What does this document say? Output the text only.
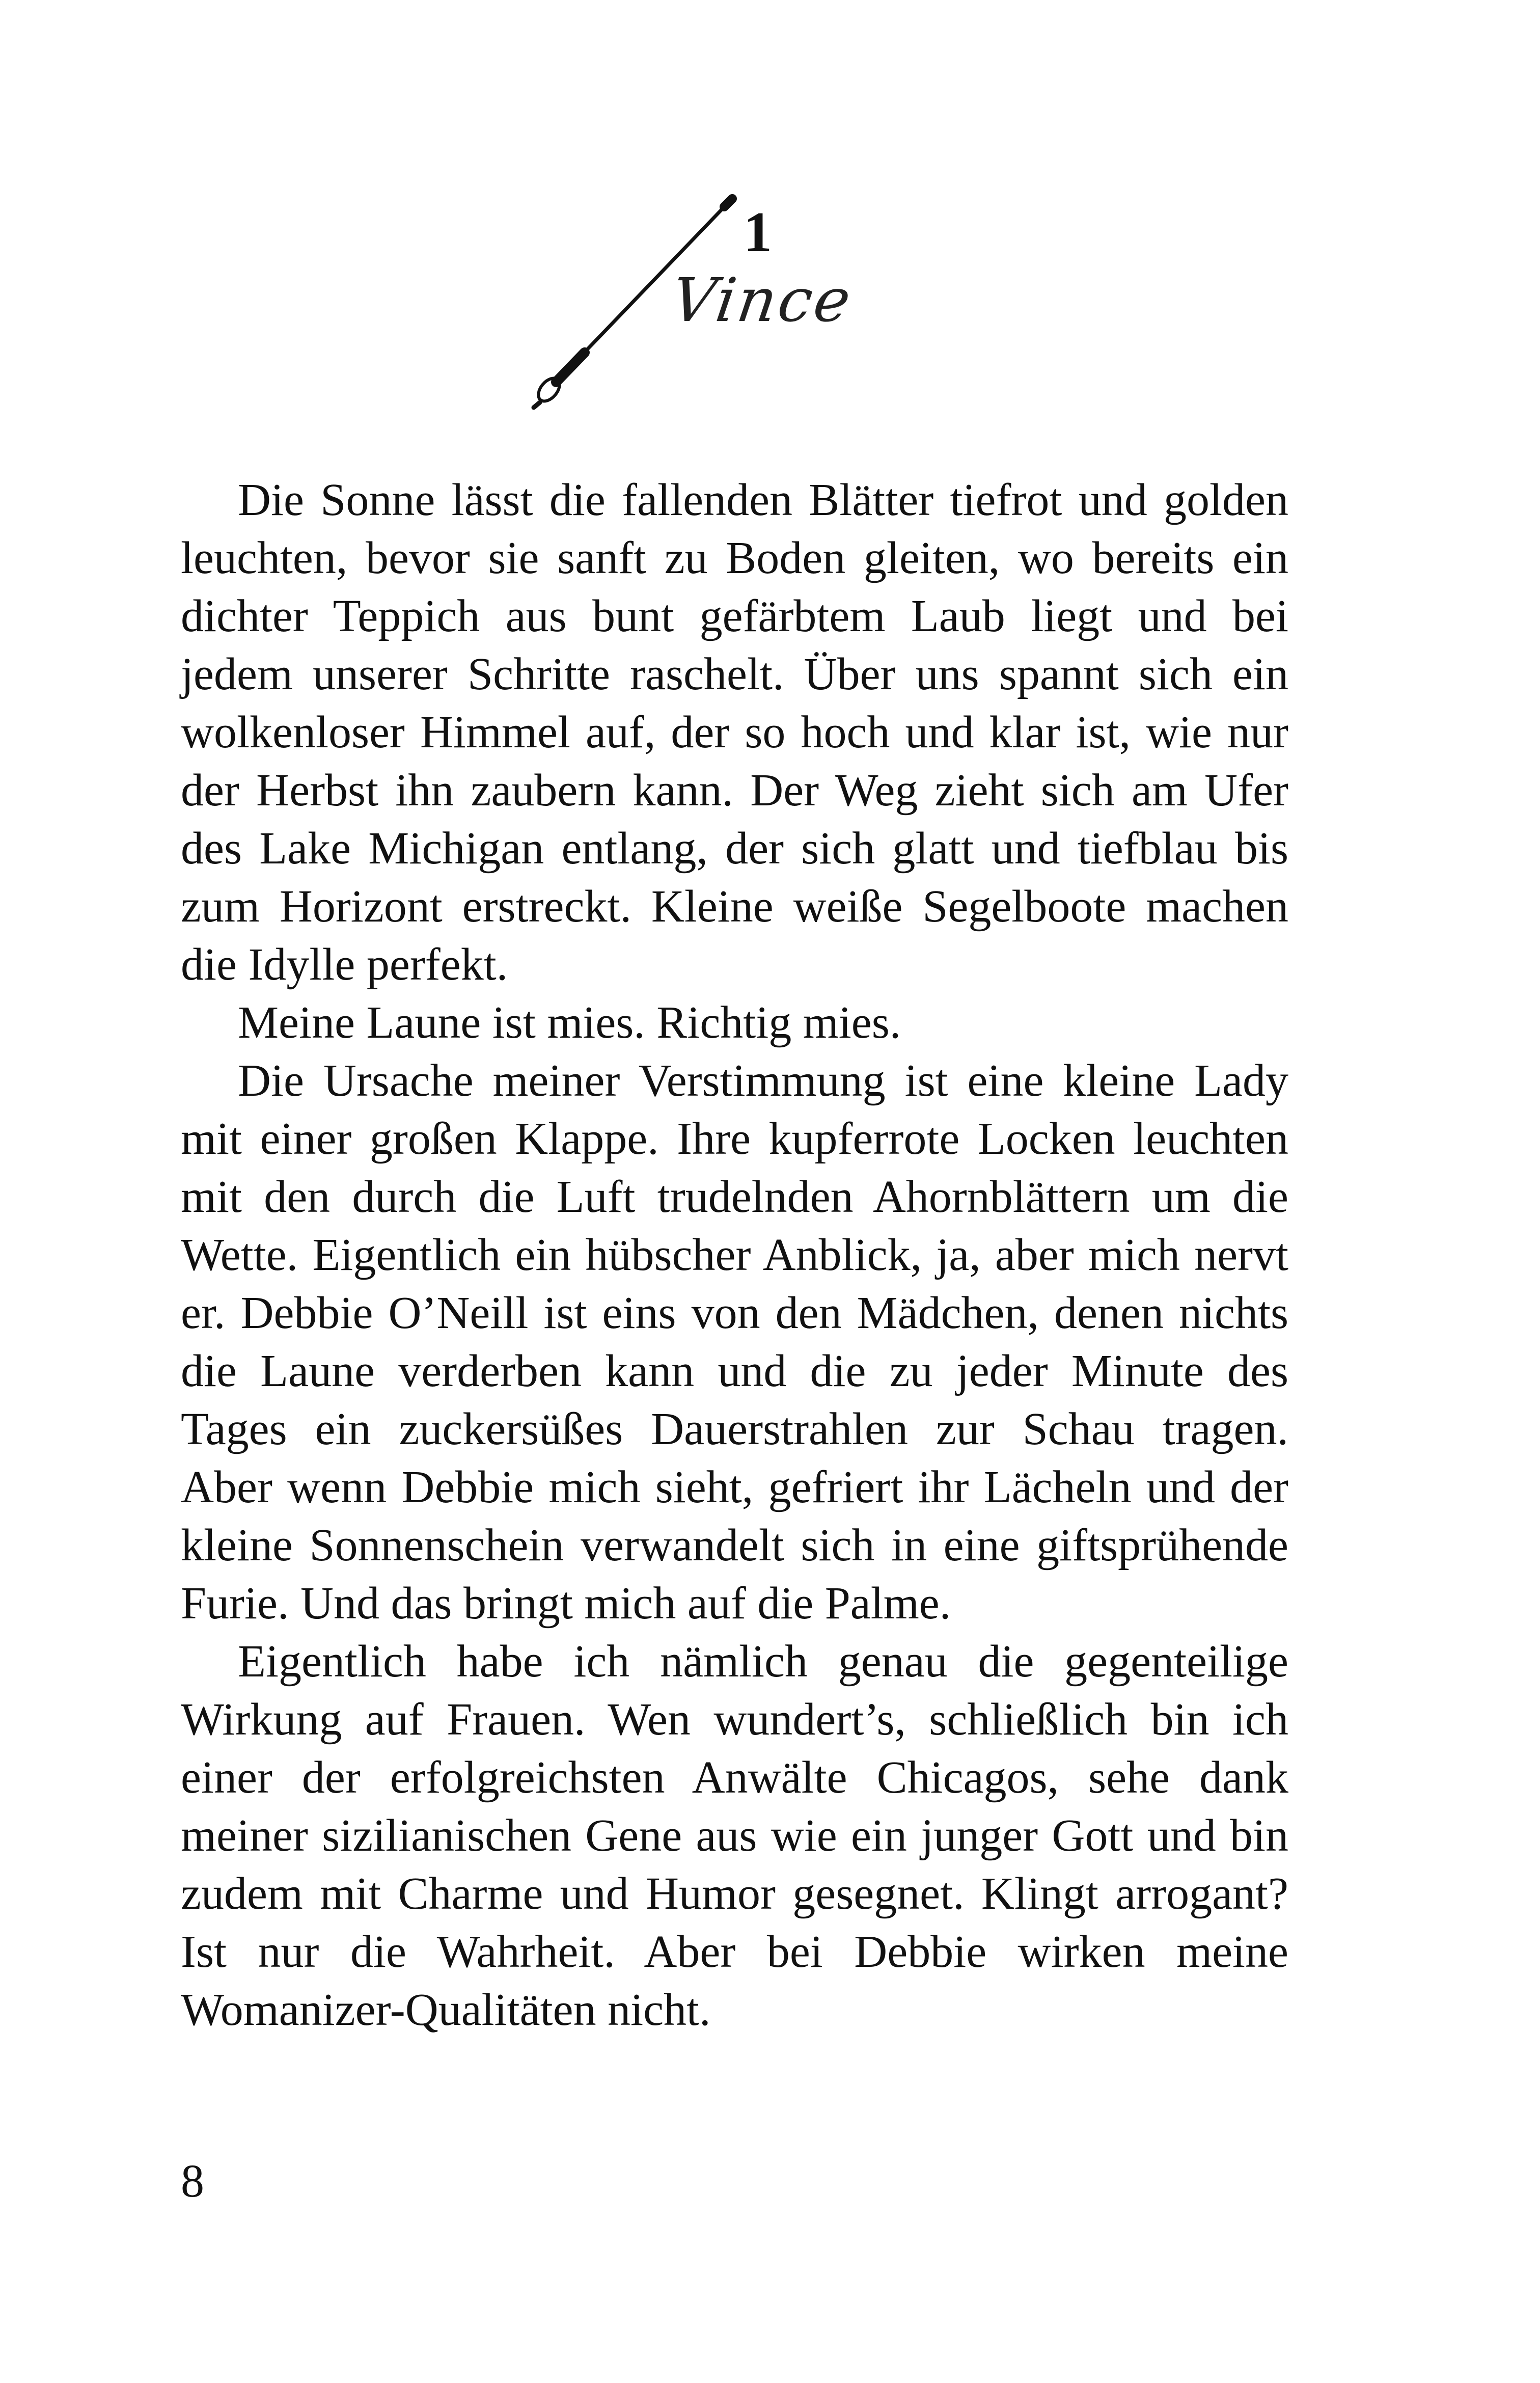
1
Vince

Die Sonne lässt die fallenden Blätter tiefrot und golden leuchten, bevor sie sanft zu Boden gleiten, wo bereits ein dichter Teppich aus bunt gefärbtem Laub liegt und bei jedem unserer Schritte raschelt. Über uns spannt sich ein wolkenloser Himmel auf, der so hoch und klar ist, wie nur der Herbst ihn zaubern kann. Der Weg zieht sich am Ufer des Lake Michigan entlang, der sich glatt und tiefblau bis zum Horizont erstreckt. Kleine weiße Segelboote machen die Idylle perfekt.

Meine Laune ist mies. Richtig mies.

Die Ursache meiner Verstimmung ist eine kleine Lady mit einer großen Klappe. Ihre kupferrote Locken leuchten mit den durch die Luft trudelnden Ahornblättern um die Wette. Eigentlich ein hübscher Anblick, ja, aber mich nervt er. Debbie O’Neill ist eins von den Mädchen, denen nichts die Laune verderben kann und die zu jeder Minute des Tages ein zuckersüßes Dauerstrahlen zur Schau tragen. Aber wenn Debbie mich sieht, gefriert ihr Lächeln und der kleine Sonnenschein verwandelt sich in eine giftsprühende Furie. Und das bringt mich auf die Palme.

Eigentlich habe ich nämlich genau die gegenteilige Wirkung auf Frauen. Wen wundert’s, schließlich bin ich einer der erfolgreichsten Anwälte Chicagos, sehe dank meiner sizilianischen Gene aus wie ein junger Gott und bin zudem mit Charme und Humor gesegnet. Klingt arrogant? Ist nur die Wahrheit. Aber bei Debbie wirken meine Womanizer-Qualitäten nicht.

8
